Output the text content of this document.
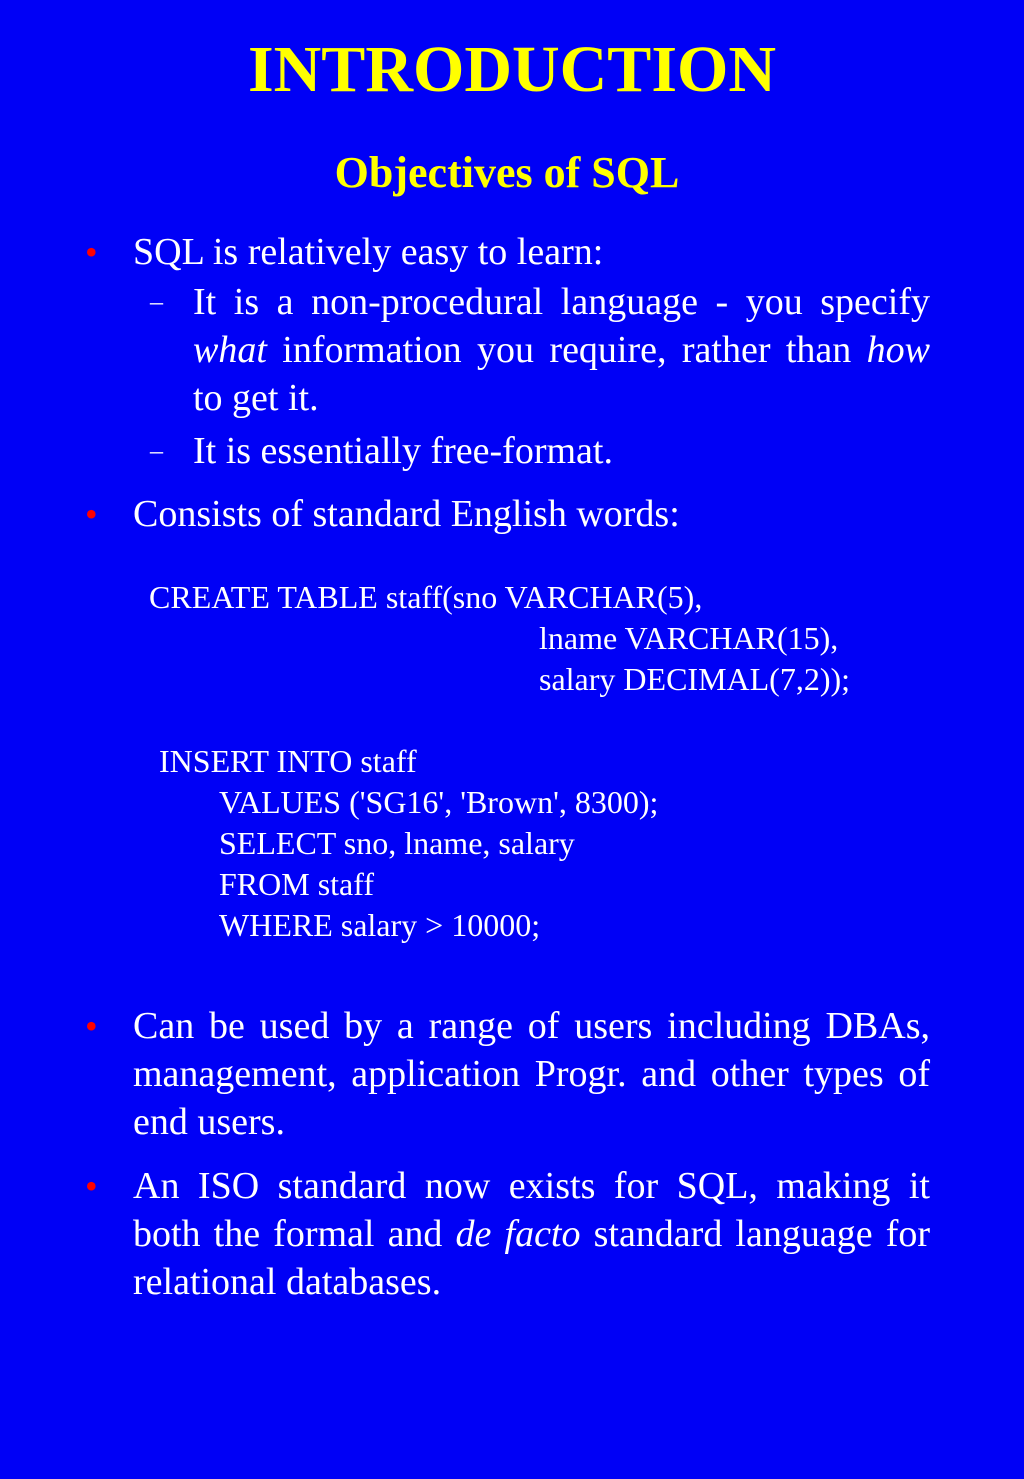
INTRODUCTION
Objectives of SQL
• SQL is relatively easy to learn:
– It is a non-procedural language - you specify what information you require, rather than how to get it.
– It is essentially free-format.
• Consists of standard English words:
CREATE TABLE staff(sno VARCHAR(5),
lname VARCHAR(15),
salary DECIMAL(7,2));
INSERT INTO staff
VALUES ('SG16', 'Brown', 8300);
SELECT sno, lname, salary
FROM staff
WHERE salary > 10000;
• Can be used by a range of users including DBAs, management, application Progr. and other types of end users.
• An ISO standard now exists for SQL, making it both the formal and de facto standard language for relational databases.
